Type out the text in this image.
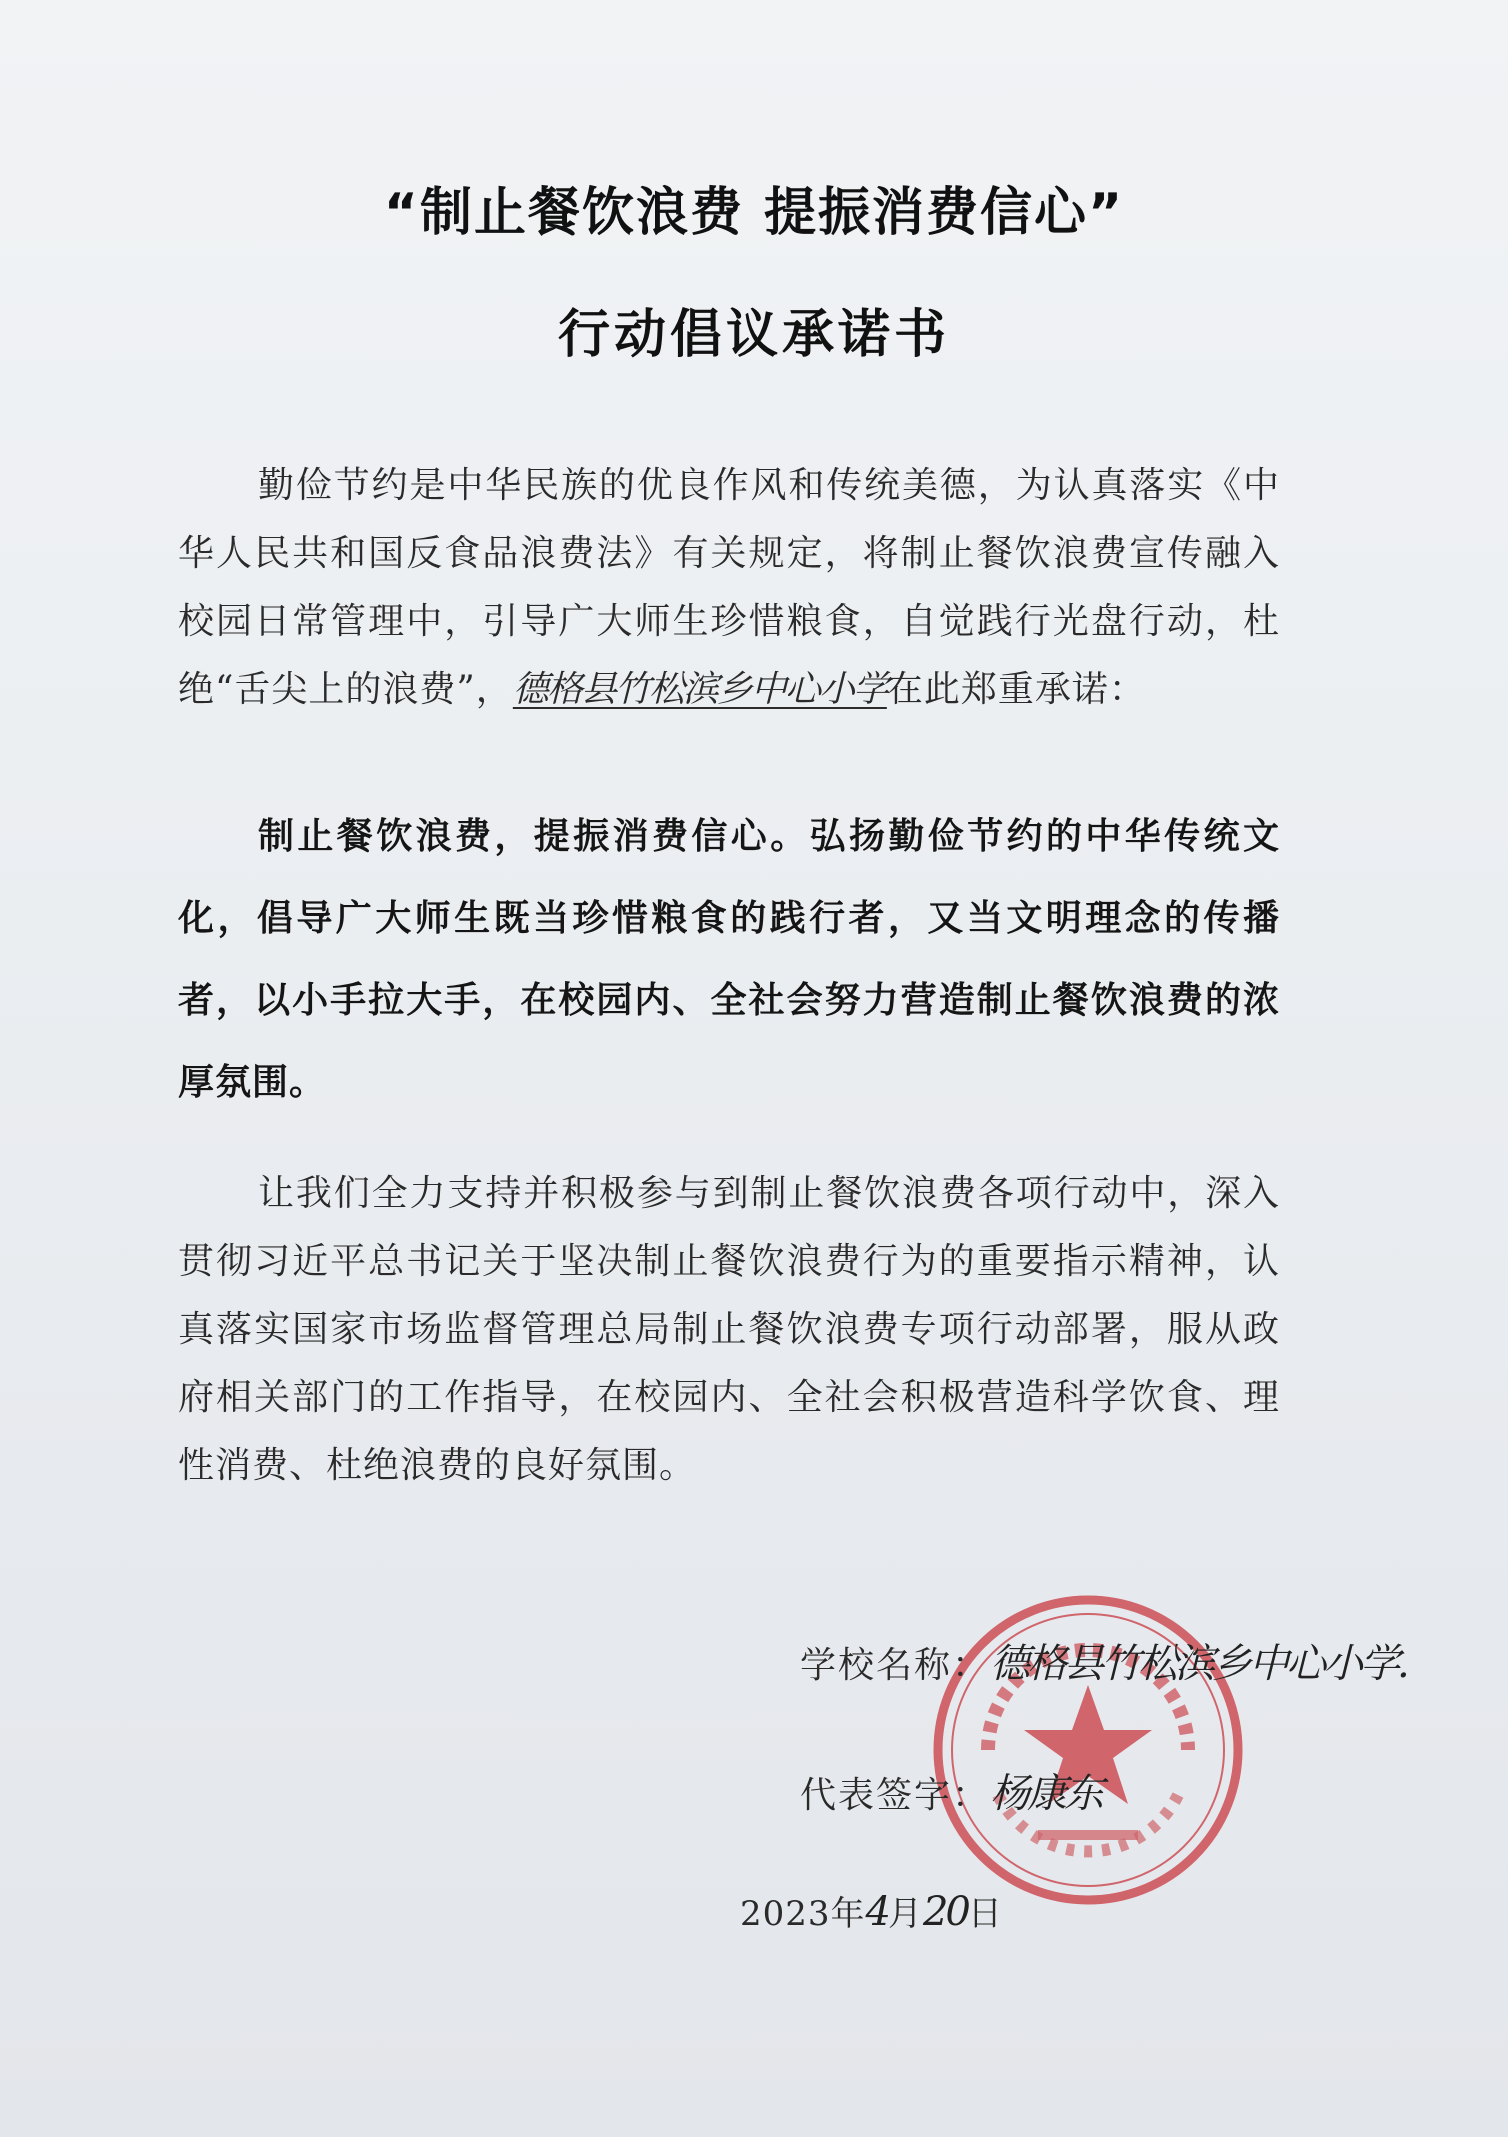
“制止餐饮浪费 提振消费信心”
行动倡议承诺书
勤俭节约是中华民族的优良作风和传统美德，为认真落实《中华人民共和国反食品浪费法》有关规定，将制止餐饮浪费宣传融入校园日常管理中，引导广大师生珍惜粮食，自觉践行光盘行动，杜绝“舌尖上的浪费”，德格县竹松滨乡中心小学在此郑重承诺：
制止餐饮浪费，提振消费信心。弘扬勤俭节约的中华传统文化，倡导广大师生既当珍惜粮食的践行者，又当文明理念的传播者，以小手拉大手，在校园内、全社会努力营造制止餐饮浪费的浓厚氛围。
让我们全力支持并积极参与到制止餐饮浪费各项行动中，深入贯彻习近平总书记关于坚决制止餐饮浪费行为的重要指示精神，认真落实国家市场监督管理总局制止餐饮浪费专项行动部署，服从政府相关部门的工作指导，在校园内、全社会积极营造科学饮食、理性消费、杜绝浪费的良好氛围。
学校名称：德格县竹松滨乡中心小学.
代表签字：杨康东
2023年4月20日
